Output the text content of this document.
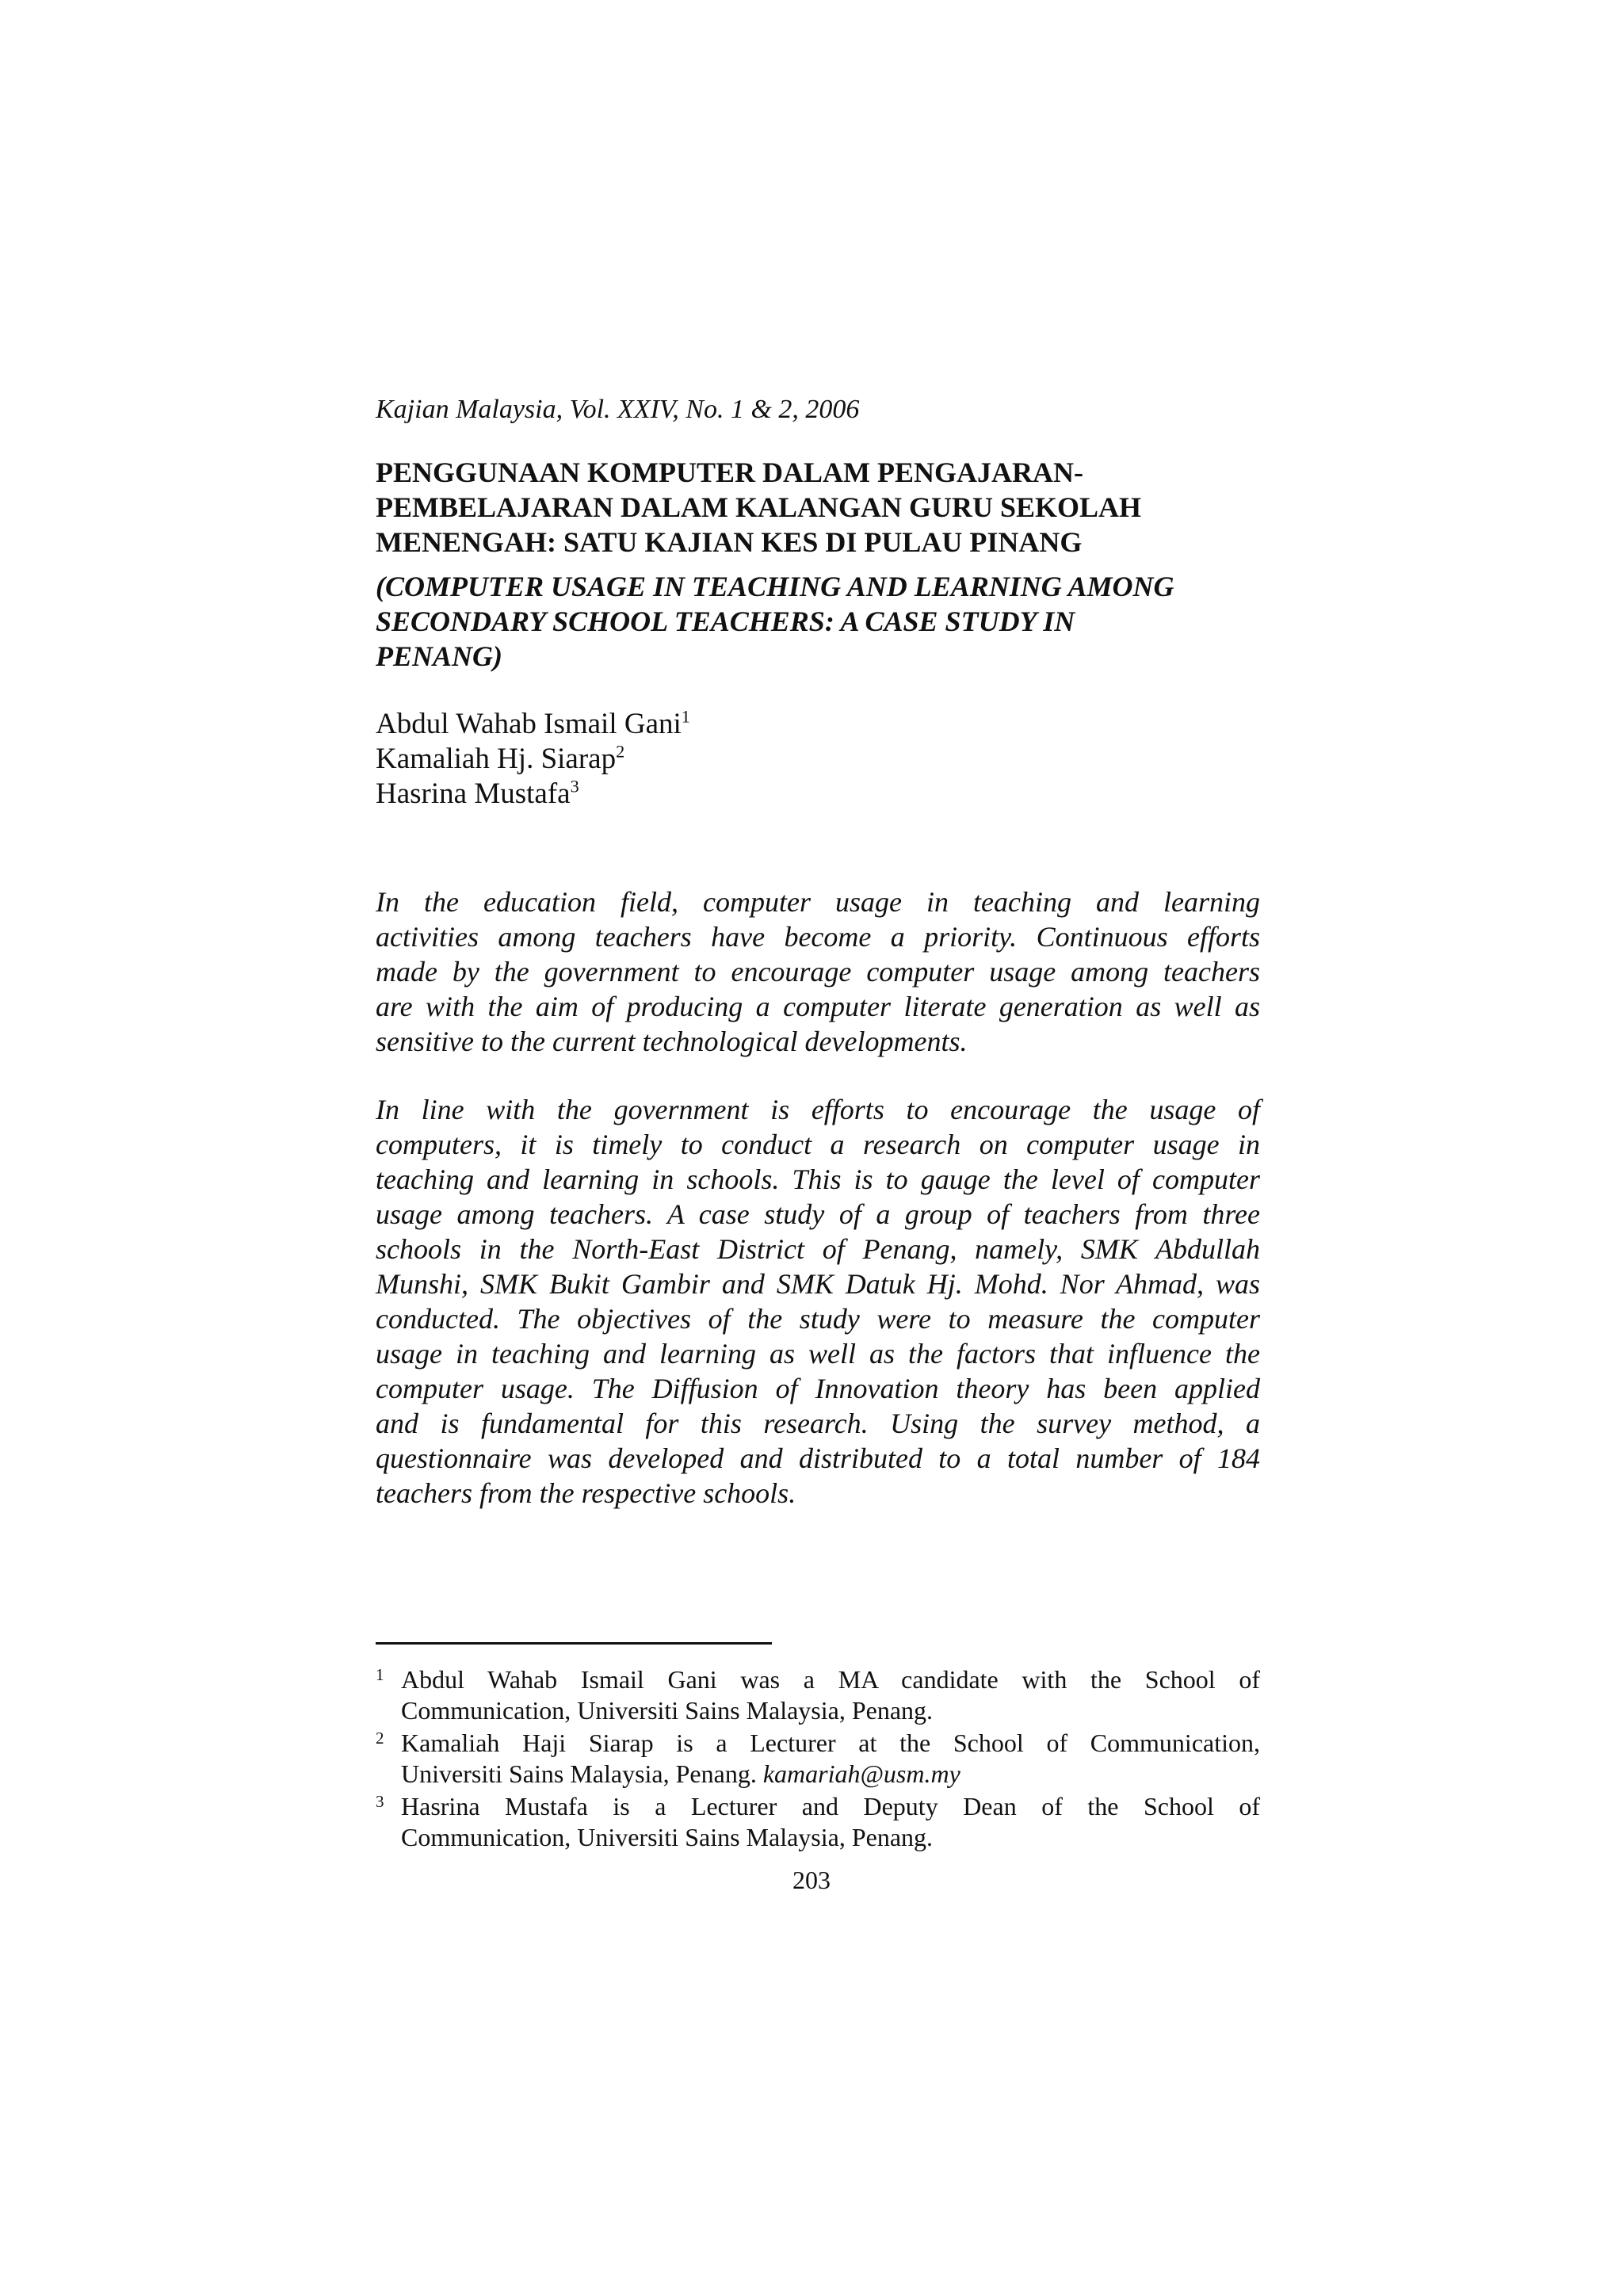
Kajian Malaysia, Vol. XXIV, No. 1 & 2, 2006
PENGGUNAAN KOMPUTER DALAM PENGAJARAN-
PEMBELAJARAN DALAM KALANGAN GURU SEKOLAH
MENENGAH: SATU KAJIAN KES DI PULAU PINANG
(COMPUTER USAGE IN TEACHING AND LEARNING AMONG
SECONDARY SCHOOL TEACHERS: A CASE STUDY IN
PENANG)
Abdul Wahab Ismail Gani$^1$
Kamaliah Hj. Siarap$^2$
Hasrina Mustafa$^3$
In the education field, computer usage in teaching and learning
activities among teachers have become a priority. Continuous efforts
made by the government to encourage computer usage among teachers
are with the aim of producing a computer literate generation as well as
sensitive to the current technological developments.
In line with the government is efforts to encourage the usage of
computers, it is timely to conduct a research on computer usage in
teaching and learning in schools. This is to gauge the level of computer
usage among teachers. A case study of a group of teachers from three
schools in the North-East District of Penang, namely, SMK Abdullah
Munshi, SMK Bukit Gambir and SMK Datuk Hj. Mohd. Nor Ahmad, was
conducted. The objectives of the study were to measure the computer
usage in teaching and learning as well as the factors that influence the
computer usage. The Diffusion of Innovation theory has been applied
and is fundamental for this research. Using the survey method, a
questionnaire was developed and distributed to a total number of 184
teachers from the respective schools.
1 Abdul Wahab Ismail Gani was a MA candidate with the School of
Communication, Universiti Sains Malaysia, Penang.
2 Kamaliah Haji Siarap is a Lecturer at the School of Communication,
Universiti Sains Malaysia, Penang. kamariah@usm.my
3 Hasrina Mustafa is a Lecturer and Deputy Dean of the School of
Communication, Universiti Sains Malaysia, Penang.
203
